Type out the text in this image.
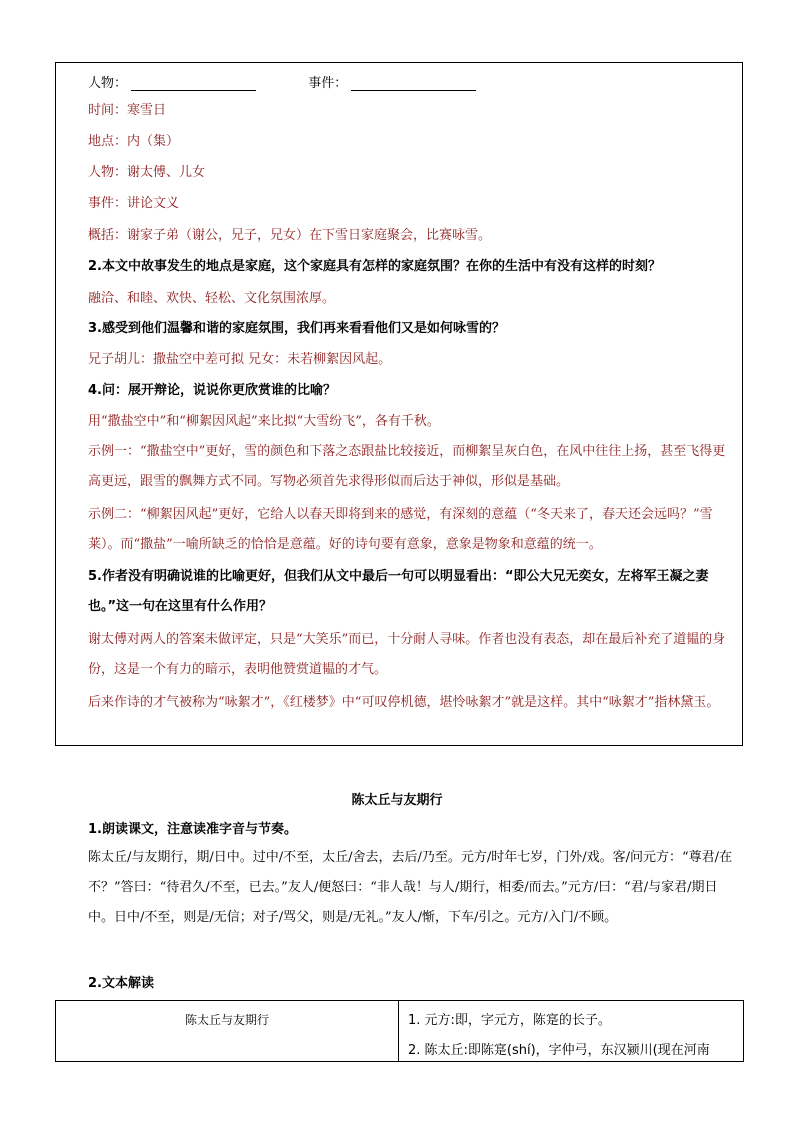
人物：	事件：
时间：寒雪日
地点：内（集）
人物：谢太傅、儿女
事件：讲论文义
概括：谢家子弟（谢公，兄子，兄女）在下雪日家庭聚会，比赛咏雪。
2.本文中故事发生的地点是家庭，这个家庭具有怎样的家庭氛围？在你的生活中有没有这样的时刻？
融洽、和睦、欢快、轻松、文化氛围浓厚。
3.感受到他们温馨和谐的家庭氛围，我们再来看看他们又是如何咏雪的？
兄子胡儿：撒盐空中差可拟 兄女：未若柳絮因风起。
4.问：展开辩论，说说你更欣赏谁的比喻？
用“撒盐空中”和“柳絮因风起”来比拟“大雪纷飞”，各有千秋。
示例一：“撒盐空中”更好，雪的颜色和下落之态跟盐比较接近，而柳絮呈灰白色，在风中往往上扬，甚至飞得更高更远，跟雪的飘舞方式不同。写物必须首先求得形似而后达于神似，形似是基础。
示例二：“柳絮因风起”更好，它给人以春天即将到来的感觉，有深刻的意蕴（“冬天来了，春天还会远吗？”雪莱）。而“撒盐”一喻所缺乏的恰恰是意蕴。好的诗句要有意象，意象是物象和意蕴的统一。
5.作者没有明确说谁的比喻更好，但我们从文中最后一句可以明显看出：“即公大兄无奕女，左将军王凝之妻也。”这一句在这里有什么作用？
谢太傅对两人的答案未做评定，只是“大笑乐”而已，十分耐人寻味。作者也没有表态，却在最后补充了道韫的身份，这是一个有力的暗示，表明他赞赏道韫的才气。
后来作诗的才气被称为“咏絮才”，《红楼梦》中“可叹停机德，堪怜咏絮才”就是这样。其中“咏絮才”指林黛玉。
陈太丘与友期行
1.朗读课文，注意读准字音与节奏。
陈太丘/与友期行，期/日中。过中/不至，太丘/舍去，去后/乃至。元方/时年七岁，门外/戏。客/问元方：“尊君/在不？”答曰：“待君久/不至，已去。”友人/便怒曰：“非人哉！与人/期行，相委/而去。”元方/曰：“君/与家君/期日中。日中/不至，则是/无信；对子/骂父，则是/无礼。”友人/惭，下车/引之。元方/入门/不顾。
2.文本解读
陈太丘与友期行	1. 元方:即，字元方，陈寔的长子。
2. 陈太丘:即陈寔(shí)，字仲弓，东汉颍川(现在河南
